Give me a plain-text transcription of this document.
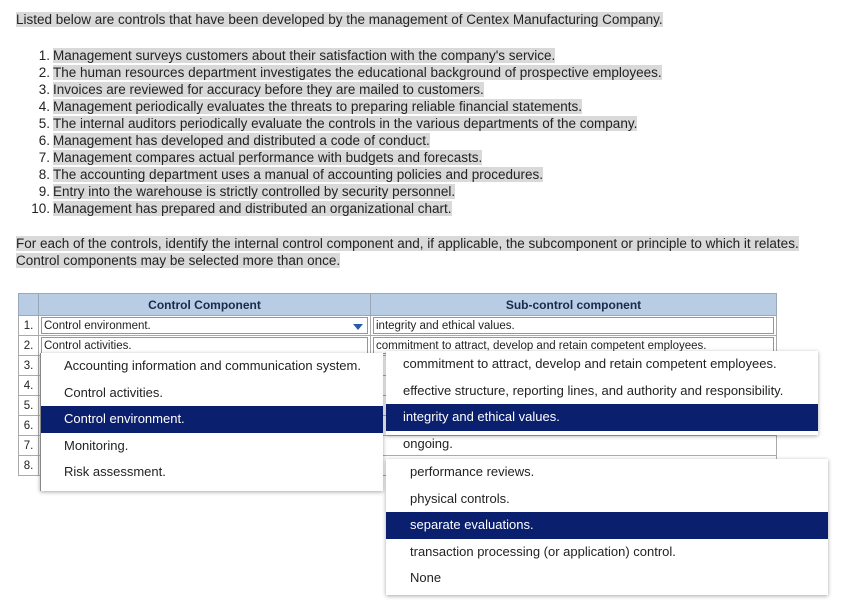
Listed below are controls that have been developed by the management of Centex Manufacturing Company.
1. Management surveys customers about their satisfaction with the company's service.
2. The human resources department investigates the educational background of prospective employees.
3. Invoices are reviewed for accuracy before they are mailed to customers.
4. Management periodically evaluates the threats to preparing reliable financial statements.
5. The internal auditors periodically evaluate the controls in the various departments of the company.
6. Management has developed and distributed a code of conduct.
7. Management compares actual performance with budgets and forecasts.
8. The accounting department uses a manual of accounting policies and procedures.
9. Entry into the warehouse is strictly controlled by security personnel.
10. Management has prepared and distributed an organizational chart.
For each of the controls, identify the internal control component and, if applicable, the subcomponent or principle to which it relates.
Control components may be selected more than once.
	Control Component	Sub-control component
1.	Control environment.	integrity and ethical values.

2.	Control activities.	commitment to attract, develop and retain competent employees.

3.		
4.		
5.		
6.		
7.		
8.		
Accounting information and communication system.
Control activities.
Control environment.
Monitoring.
Risk assessment.
commitment to attract, develop and retain competent employees.
effective structure, reporting lines, and authority and responsibility.
integrity and ethical values.
ongoing.
performance reviews.
physical controls.
separate evaluations.
transaction processing (or application) control.
None
